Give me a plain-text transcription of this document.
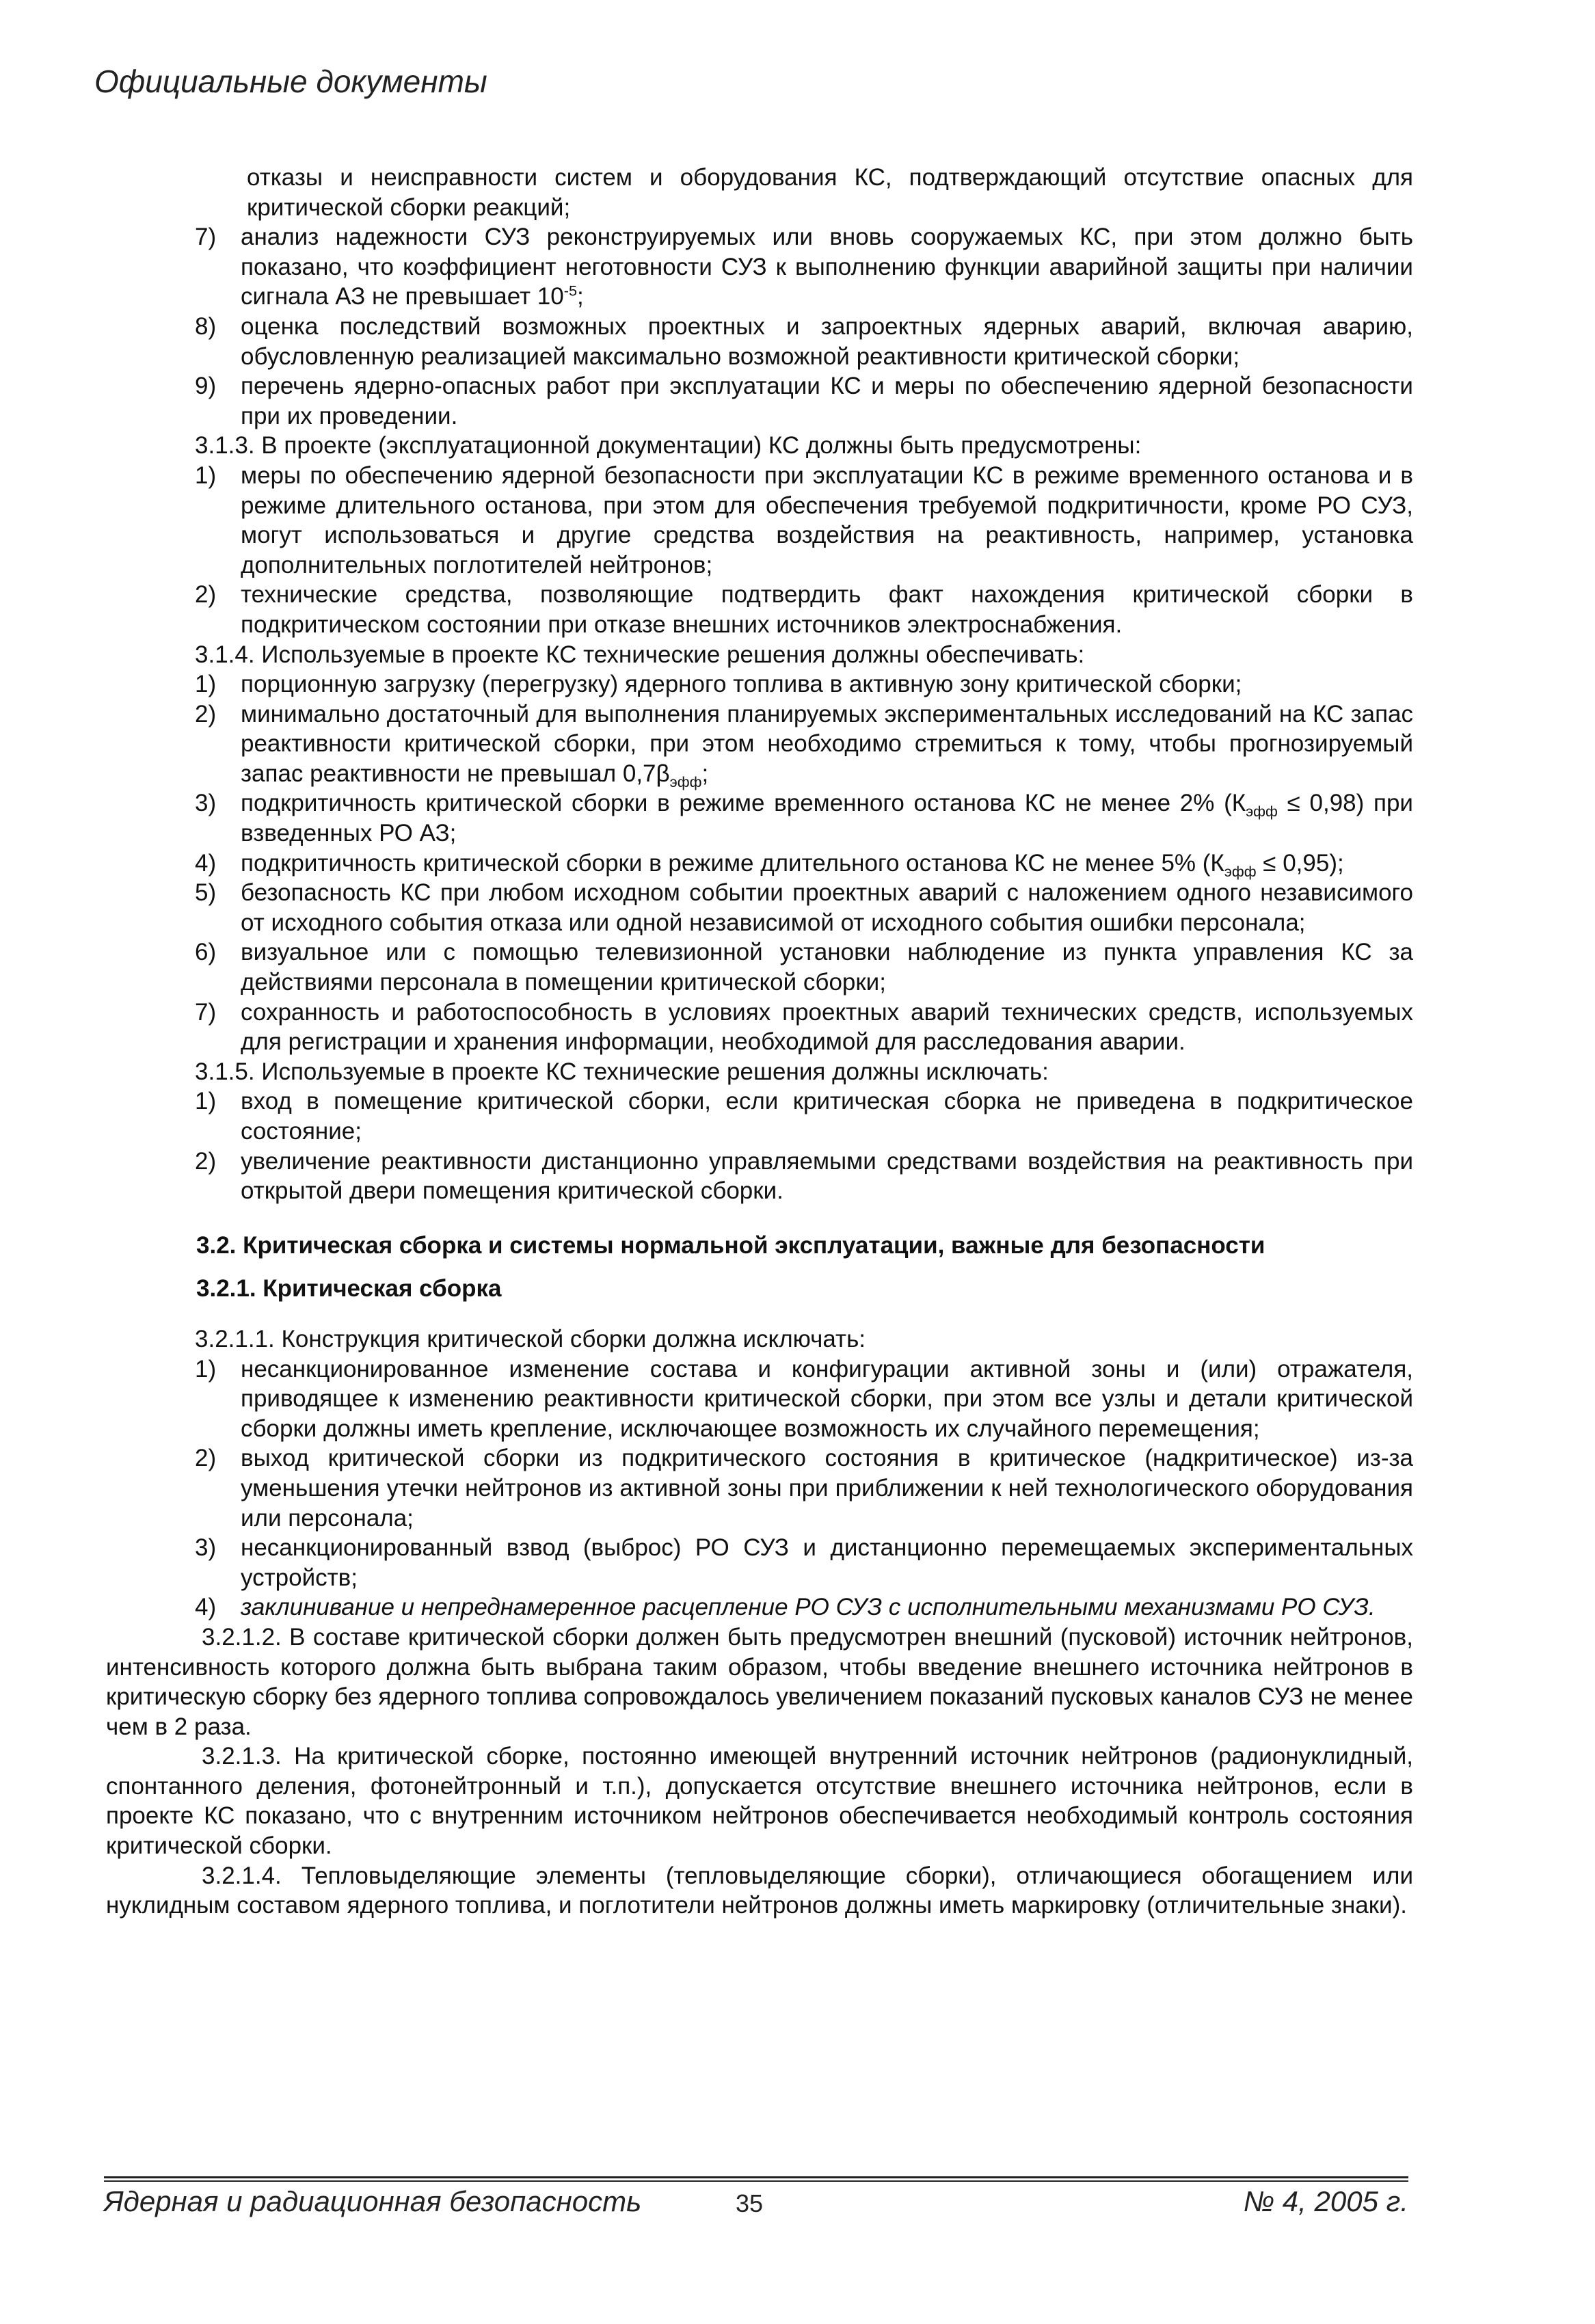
Официальные документы

отказы и неисправности систем и оборудования КС, подтверждающий отсутствие опасных для критической сборки реакций;

7)	анализ надежности СУЗ реконструируемых или вновь сооружаемых КС, при этом должно быть показано, что коэффициент неготовности СУЗ к выполнению функции аварийной защиты при наличии сигнала АЗ не превышает $10^{-5}$;
8)	оценка последствий возможных проектных и запроектных ядерных аварий, включая аварию, обусловленную реализацией максимально возможной реактивности критической сборки;
9)	перечень ядерно-опасных работ при эксплуатации КС и меры по обеспечению ядерной безопасности при их проведении.

3.1.3. В проекте (эксплуатационной документации) КС должны быть предусмотрены:

1)	меры по обеспечению ядерной безопасности при эксплуатации КС в режиме временного останова и в режиме длительного останова, при этом для обеспечения требуемой подкритичности, кроме РО СУЗ, могут использоваться и другие средства воздействия на реактивность, например, установка дополнительных поглотителей нейтронов;
2)	технические средства, позволяющие подтвердить факт нахождения критической сборки в подкритическом состоянии при отказе внешних источников электроснабжения.

3.1.4. Используемые в проекте КС технические решения должны обеспечивать:

1)	порционную загрузку (перегрузку) ядерного топлива в активную зону критической сборки;
2)	минимально достаточный для выполнения планируемых экспериментальных исследований на КС запас реактивности критической сборки, при этом необходимо стремиться к тому, чтобы прогнозируемый запас реактивности не превышал $0,7\beta_{эфф}$;
3)	подкритичность критической сборки в режиме временного останова КС не менее 2% $(К_{эфф} \le 0,98)$ при взведенных РО АЗ;
4)	подкритичность критической сборки в режиме длительного останова КС не менее 5% $(К_{эфф} \le 0,95)$;
5)	безопасность КС при любом исходном событии проектных аварий с наложением одного независимого от исходного события отказа или одной независимой от исходного события ошибки персонала;
6)	визуальное или с помощью телевизионной установки наблюдение из пункта управления КС за действиями персонала в помещении критической сборки;
7)	сохранность и работоспособность в условиях проектных аварий технических средств, используемых для регистрации и хранения информации, необходимой для расследования аварии.

3.1.5. Используемые в проекте КС технические решения должны исключать:

1)	вход в помещение критической сборки, если критическая сборка не приведена в подкритическое состояние;
2)	увеличение реактивности дистанционно управляемыми средствами воздействия на реактивность при открытой двери помещения критической сборки.

3.2. Критическая сборка и системы нормальной эксплуатации, важные для безопасности

3.2.1. Критическая сборка

3.2.1.1. Конструкция критической сборки должна исключать:

1)	несанкционированное изменение состава и конфигурации активной зоны и (или) отражателя, приводящее к изменению реактивности критической сборки, при этом все узлы и детали критической сборки должны иметь крепление, исключающее возможность их случайного перемещения;
2)	выход критической сборки из подкритического состояния в критическое (надкритическое) из-за уменьшения утечки нейтронов из активной зоны при приближении к ней технологического оборудования или персонала;
3)	несанкционированный взвод (выброс) РО СУЗ и дистанционно перемещаемых экспериментальных устройств;
4)	заклинивание и непреднамеренное расцепление РО СУЗ с исполнительными механизмами РО СУЗ.

3.2.1.2. В составе критической сборки должен быть предусмотрен внешний (пусковой) источник нейтронов, интенсивность которого должна быть выбрана таким образом, чтобы введение внешнего источника нейтронов в критическую сборку без ядерного топлива сопровождалось увеличением показаний пусковых каналов СУЗ не менее чем в 2 раза.

3.2.1.3. На критической сборке, постоянно имеющей внутренний источник нейтронов (радионуклидный, спонтанного деления, фотонейтронный и т.п.), допускается отсутствие внешнего источника нейтронов, если в проекте КС показано, что с внутренним источником нейтронов обеспечивается необходимый контроль состояния критической сборки.

3.2.1.4. Тепловыделяющие элементы (тепловыделяющие сборки), отличающиеся обогащением или нуклидным составом ядерного топлива, и поглотители нейтронов должны иметь маркировку (отличительные знаки).

Ядерная и радиационная безопасность	35	№ 4, 2005 г.
